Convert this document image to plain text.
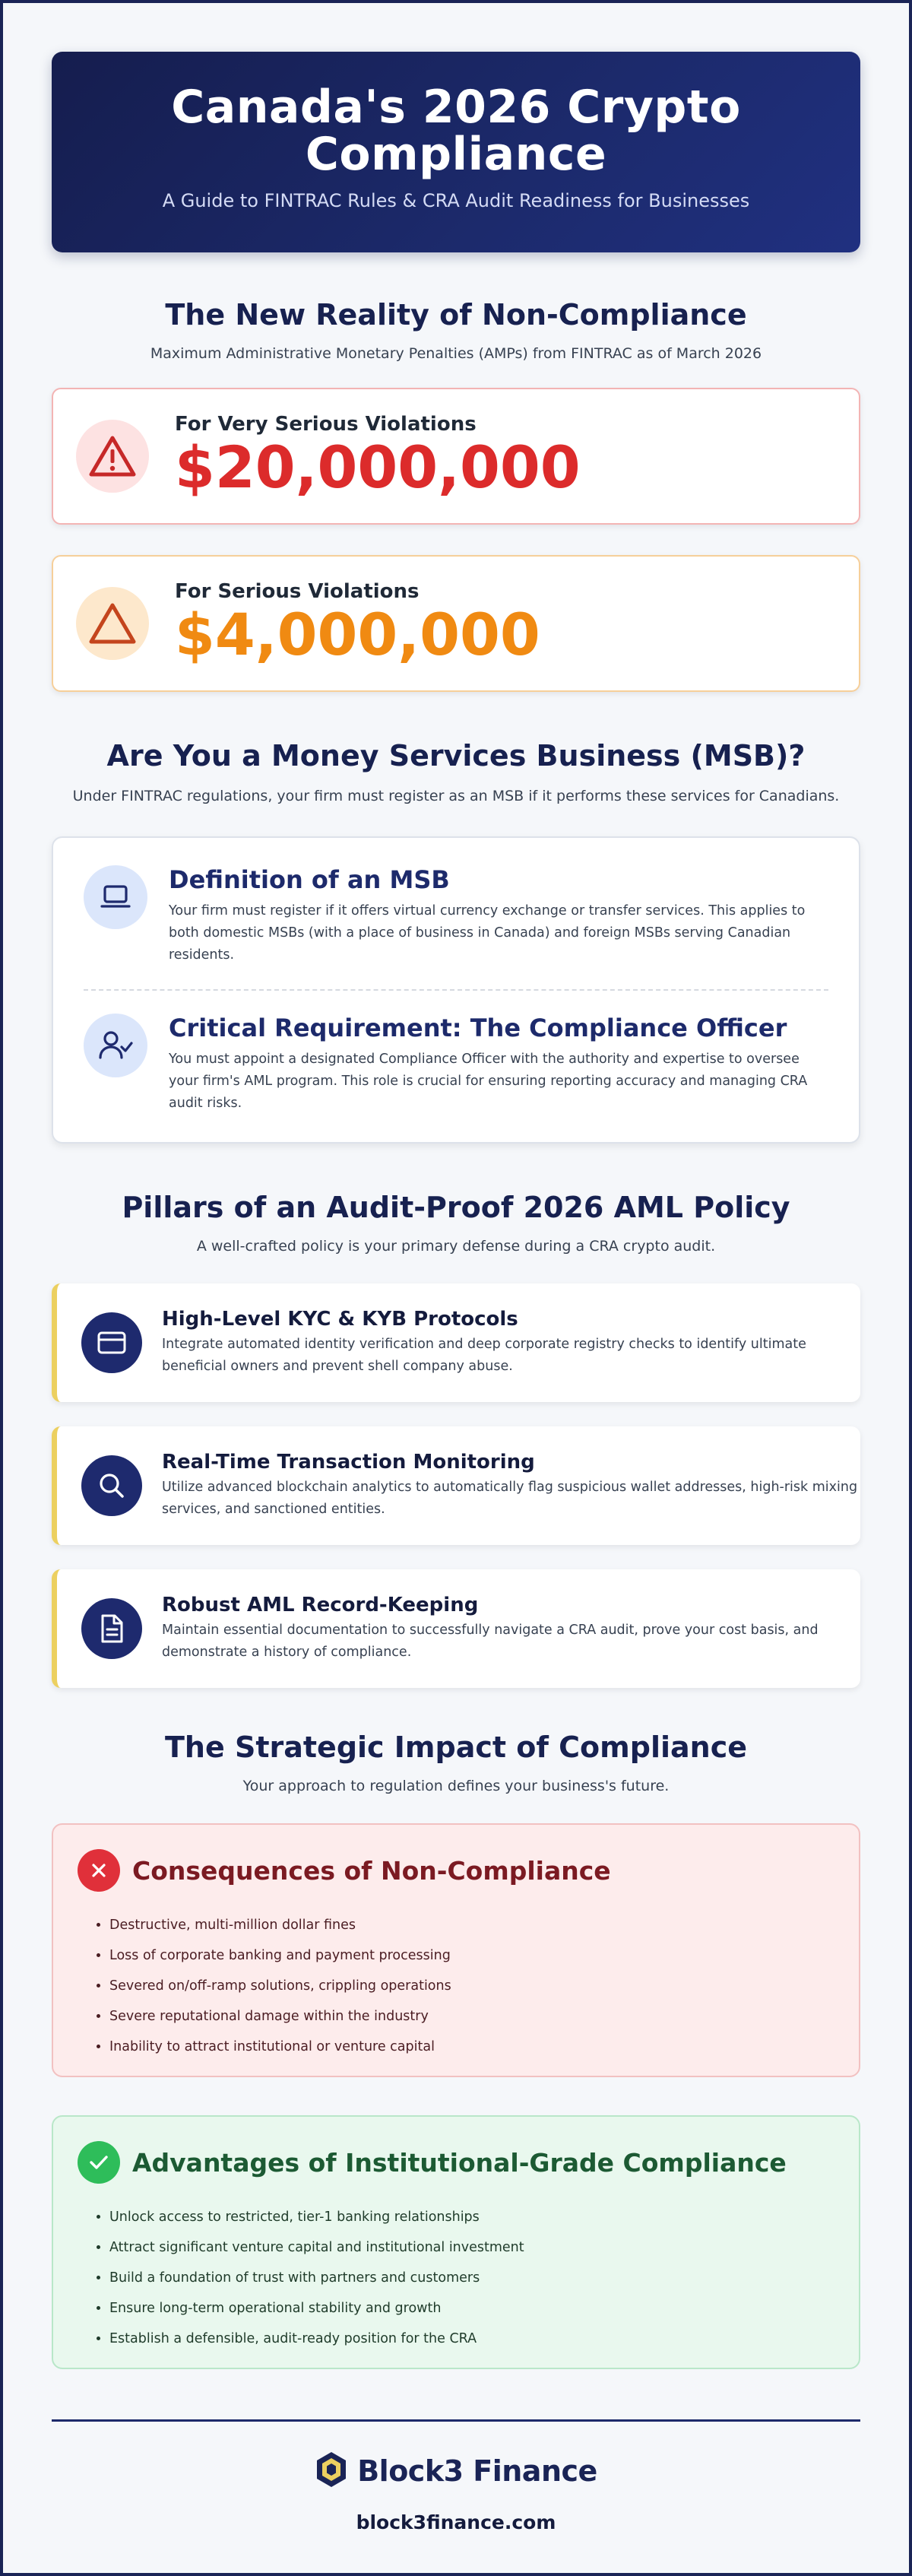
Canada's 2026 Crypto Compliance

A Guide to FINTRAC Rules & CRA Audit Readiness for Businesses

The New Reality of Non-Compliance

Maximum Administrative Monetary Penalties (AMPs) from FINTRAC as of March 2026

For Very Serious Violations
$20,000,000
For Serious Violations
$4,000,000
Are You a Money Services Business (MSB)?

Under FINTRAC regulations, your firm must register as an MSB if it performs these services for Canadians.

Definition of an MSB

Your firm must register if it offers virtual currency exchange or transfer services. This applies to both domestic MSBs (with a place of business in Canada) and foreign MSBs serving Canadian residents.

Critical Requirement: The Compliance Officer

You must appoint a designated Compliance Officer with the authority and expertise to oversee your firm's AML program. This role is crucial for ensuring reporting accuracy and managing CRA audit risks.

Pillars of an Audit-Proof 2026 AML Policy

A well-crafted policy is your primary defense during a CRA crypto audit.

High-Level KYC & KYB Protocols

Integrate automated identity verification and deep corporate registry checks to identify ultimate beneficial owners and prevent shell company abuse.

Real-Time Transaction Monitoring

Utilize advanced blockchain analytics to automatically flag suspicious wallet addresses, high-risk mixing services, and sanctioned entities.

Robust AML Record-Keeping

Maintain essential documentation to successfully navigate a CRA audit, prove your cost basis, and demonstrate a history of compliance.

The Strategic Impact of Compliance

Your approach to regulation defines your business's future.

Consequences of Non-Compliance
• Destructive, multi-million dollar fines
• Loss of corporate banking and payment processing
• Severed on/off-ramp solutions, crippling operations
• Severe reputational damage within the industry
• Inability to attract institutional or venture capital
Advantages of Institutional-Grade Compliance
• Unlock access to restricted, tier-1 banking relationships
• Attract significant venture capital and institutional investment
• Build a foundation of trust with partners and customers
• Ensure long-term operational stability and growth
• Establish a defensible, audit-ready position for the CRA
Block3 Finance
block3finance.com
